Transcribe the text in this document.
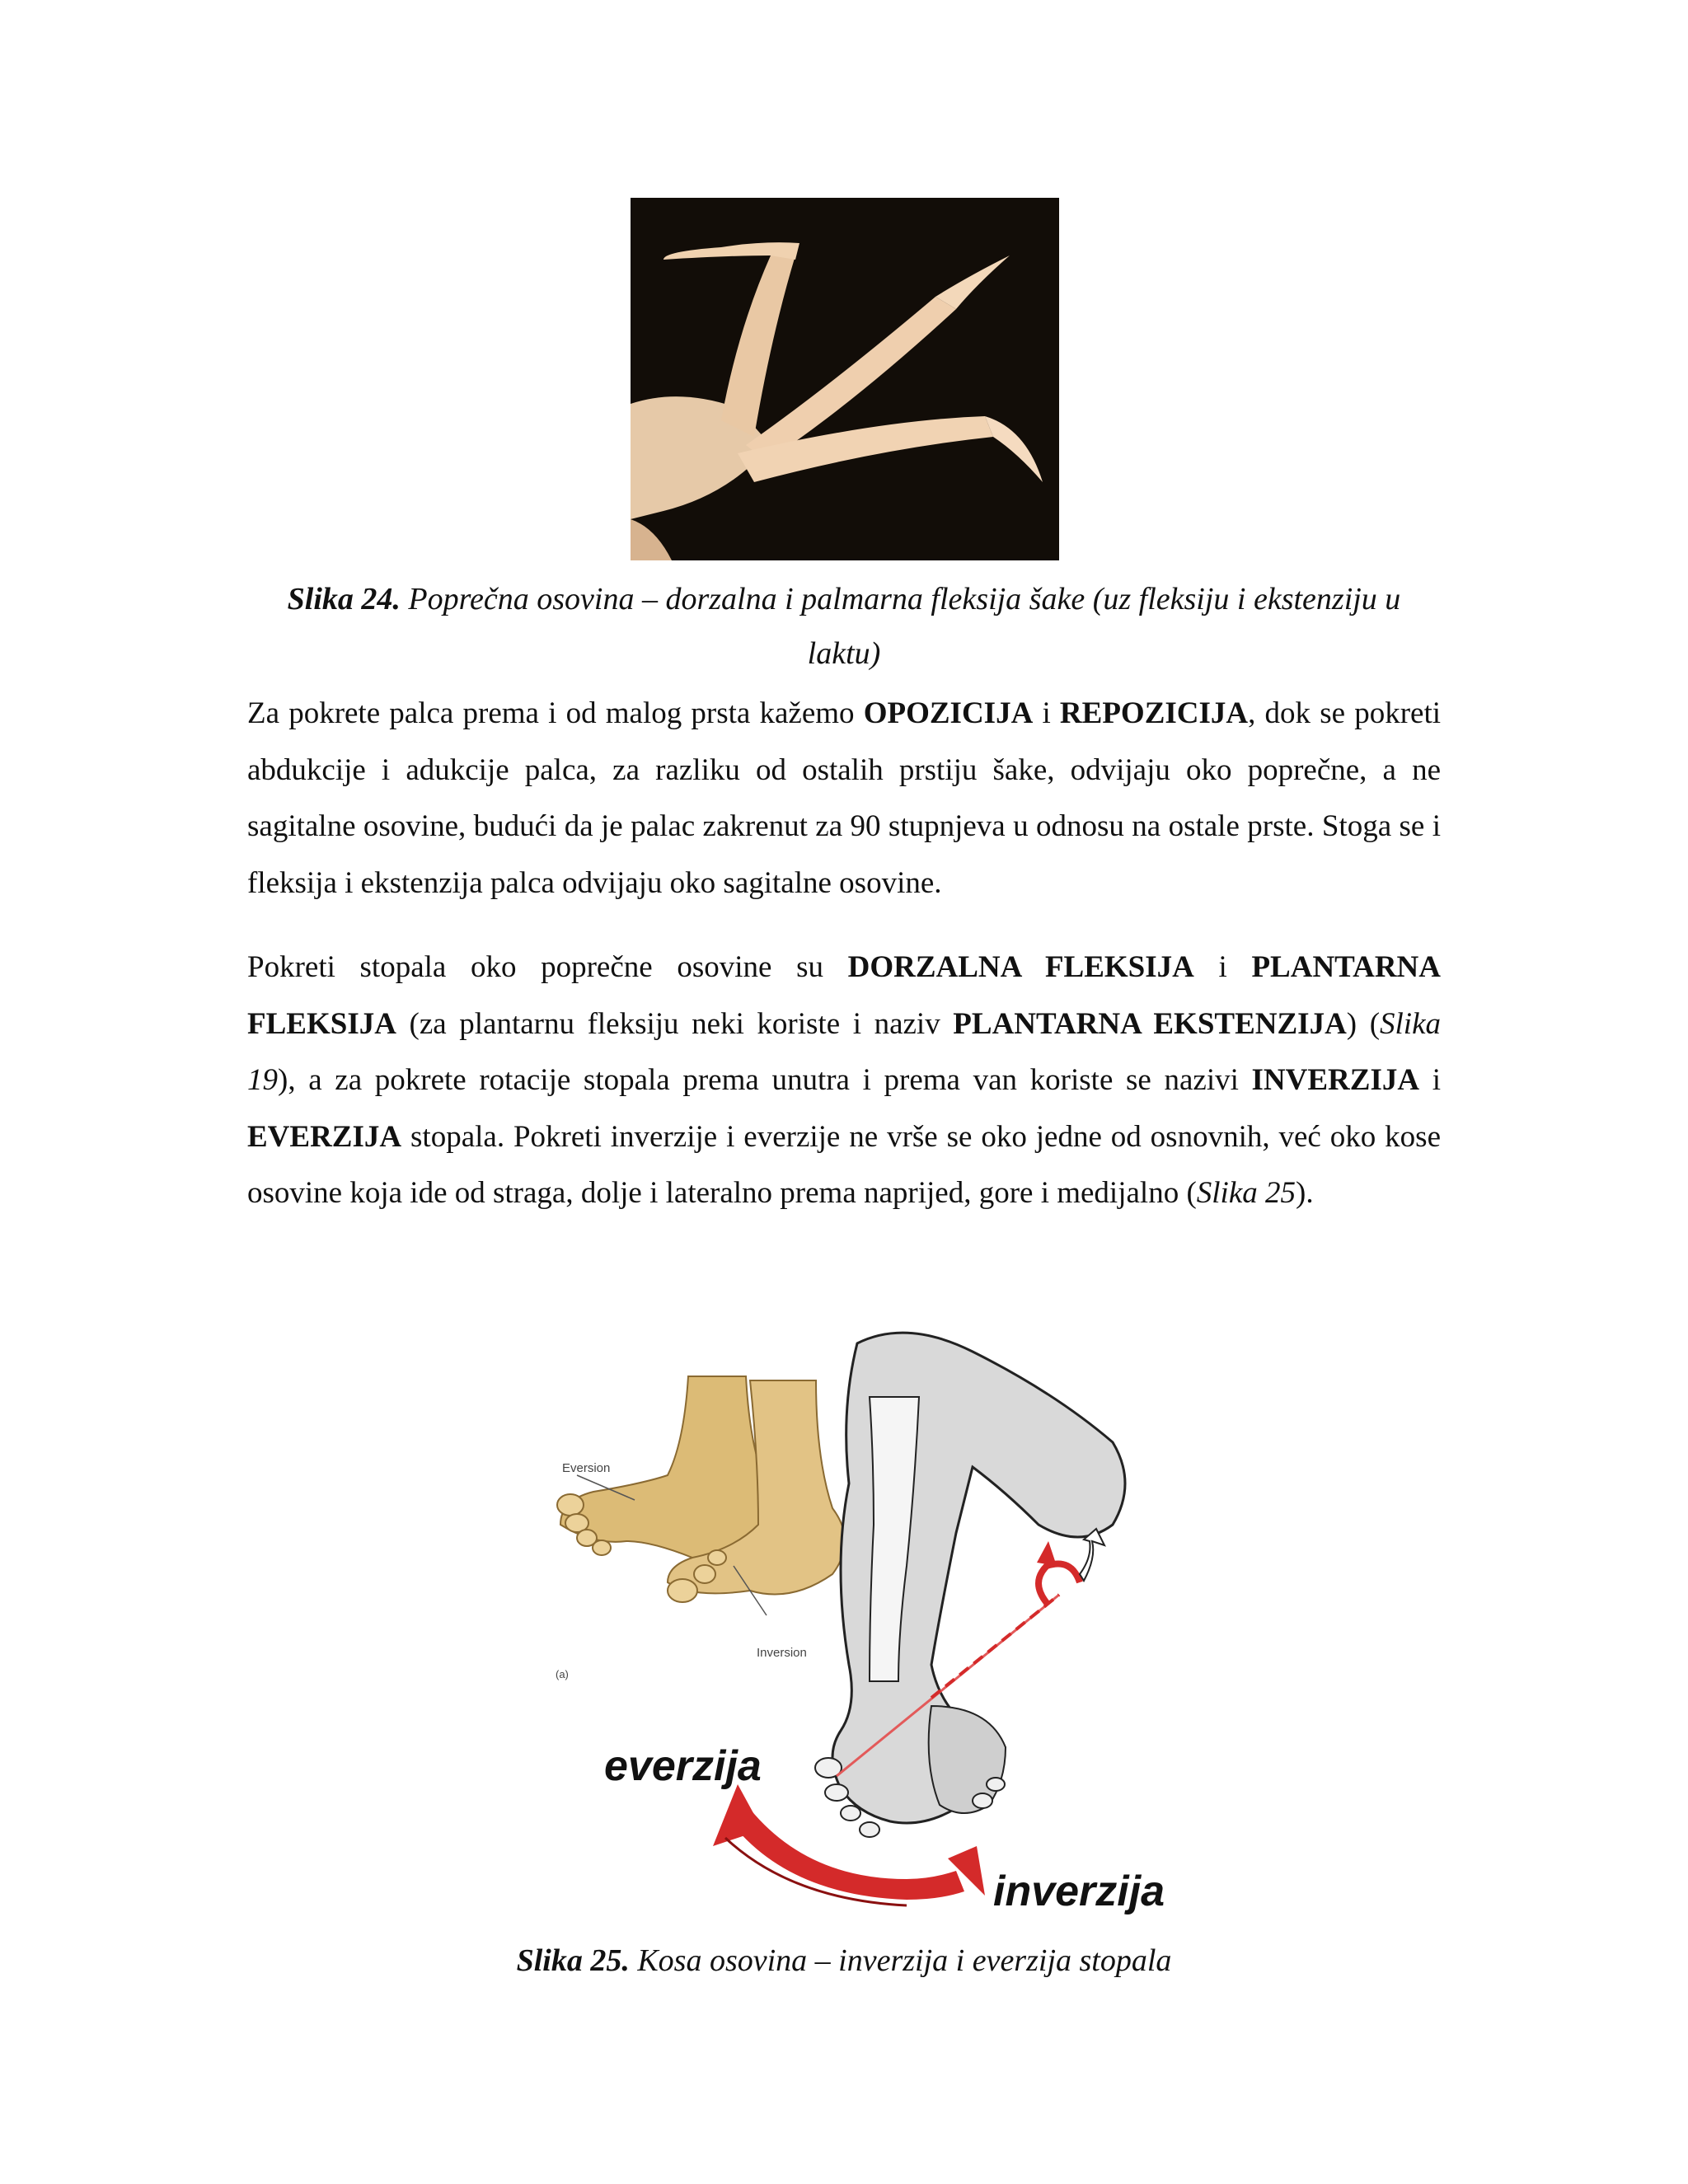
Slika 24. Poprečna osovina – dorzalna i palmarna fleksija šake (uz fleksiju i ekstenziju u laktu)

Za pokrete palca prema i od malog prsta kažemo OPOZICIJA i REPOZICIJA, dok se pokreti abdukcije i adukcije palca, za razliku od ostalih prstiju šake, odvijaju oko poprečne, a ne sagitalne osovine, budući da je palac zakrenut za 90 stupnjeva u odnosu na ostale prste. Stoga se i fleksija i ekstenzija palca odvijaju oko sagitalne osovine.

Pokreti stopala oko poprečne osovine su DORZALNA FLEKSIJA i PLANTARNA FLEKSIJA (za plantarnu fleksiju neki koriste i naziv PLANTARNA EKSTENZIJA) (Slika 19), a za pokrete rotacije stopala prema unutra i prema van koriste se nazivi INVERZIJA i EVERZIJA stopala. Pokreti inverzije i everzije ne vrše se oko jedne od osnovnih, već oko kose osovine koja ide od straga, dolje i lateralno prema naprijed, gore i medijalno (Slika 25).

Eversion
Inversion
(a)
everzija
inverzija
Slika 25. Kosa osovina – inverzija i everzija stopala
